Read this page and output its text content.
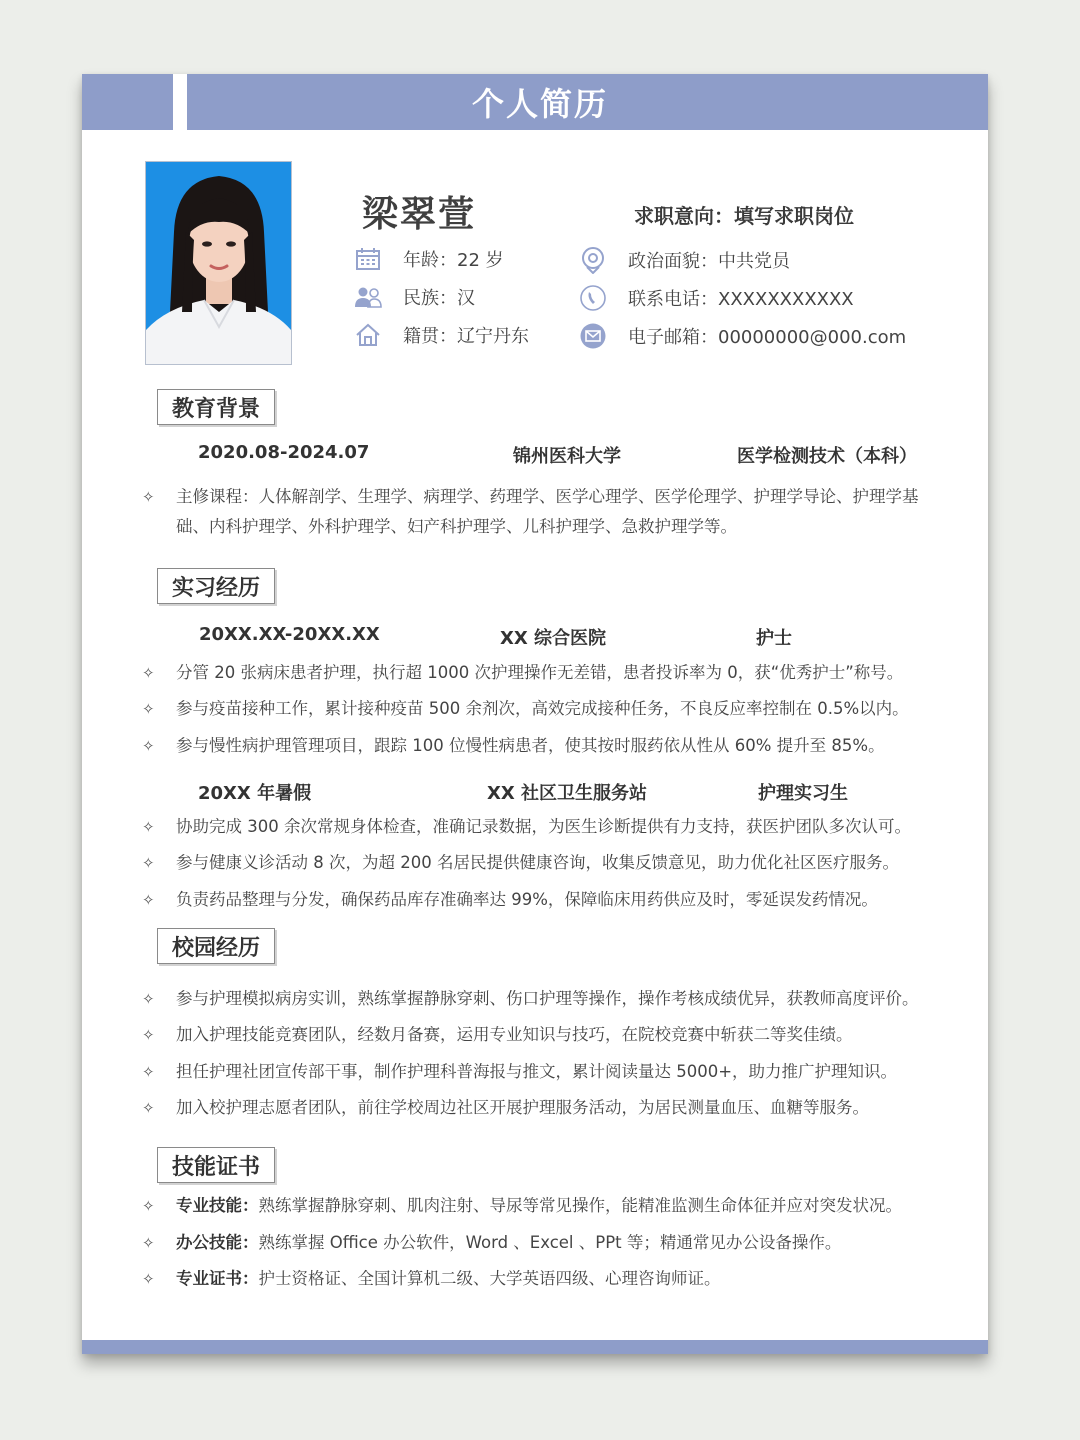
个人简历
梁翠萱	求职意向：填写求职岗位
年龄：22 岁
民族：汉
籍贯：辽宁丹东
政治面貌：中共党员
联系电话：XXXXXXXXXXX
电子邮箱：00000000@000.com
教育背景
2020.08-2024.07	锦州医科大学	医学检测技术（本科）
✧	主修课程：人体解剖学、生理学、病理学、药理学、医学心理学、医学伦理学、护理学导论、护理学基础、内科护理学、外科护理学、妇产科护理学、儿科护理学、急救护理学等。
实习经历
20XX.XX-20XX.XX	XX 综合医院	护士
✧	分管 20 张病床患者护理，执行超 1000 次护理操作无差错，患者投诉率为 0，获“优秀护士”称号。
✧	参与疫苗接种工作，累计接种疫苗 500 余剂次，高效完成接种任务，不良反应率控制在 0.5%以内。
✧	参与慢性病护理管理项目，跟踪 100 位慢性病患者，使其按时服药依从性从 60% 提升至 85%。
20XX 年暑假	XX 社区卫生服务站	护理实习生
✧	协助完成 300 余次常规身体检查，准确记录数据，为医生诊断提供有力支持，获医护团队多次认可。
✧	参与健康义诊活动 8 次，为超 200 名居民提供健康咨询，收集反馈意见，助力优化社区医疗服务。
✧	负责药品整理与分发，确保药品库存准确率达 99%，保障临床用药供应及时，零延误发药情况。
校园经历
✧	参与护理模拟病房实训，熟练掌握静脉穿刺、伤口护理等操作，操作考核成绩优异，获教师高度评价。
✧	加入护理技能竞赛团队，经数月备赛，运用专业知识与技巧，在院校竞赛中斩获二等奖佳绩。
✧	担任护理社团宣传部干事，制作护理科普海报与推文，累计阅读量达 5000+，助力推广护理知识。
✧	加入校护理志愿者团队，前往学校周边社区开展护理服务活动，为居民测量血压、血糖等服务。
技能证书
✧	专业技能：熟练掌握静脉穿刺、肌肉注射、导尿等常见操作，能精准监测生命体征并应对突发状况。
✧	办公技能：熟练掌握 Office 办公软件，Word 、Excel 、PPt 等；精通常见办公设备操作。
✧	专业证书：护士资格证、全国计算机二级、大学英语四级、心理咨询师证。
